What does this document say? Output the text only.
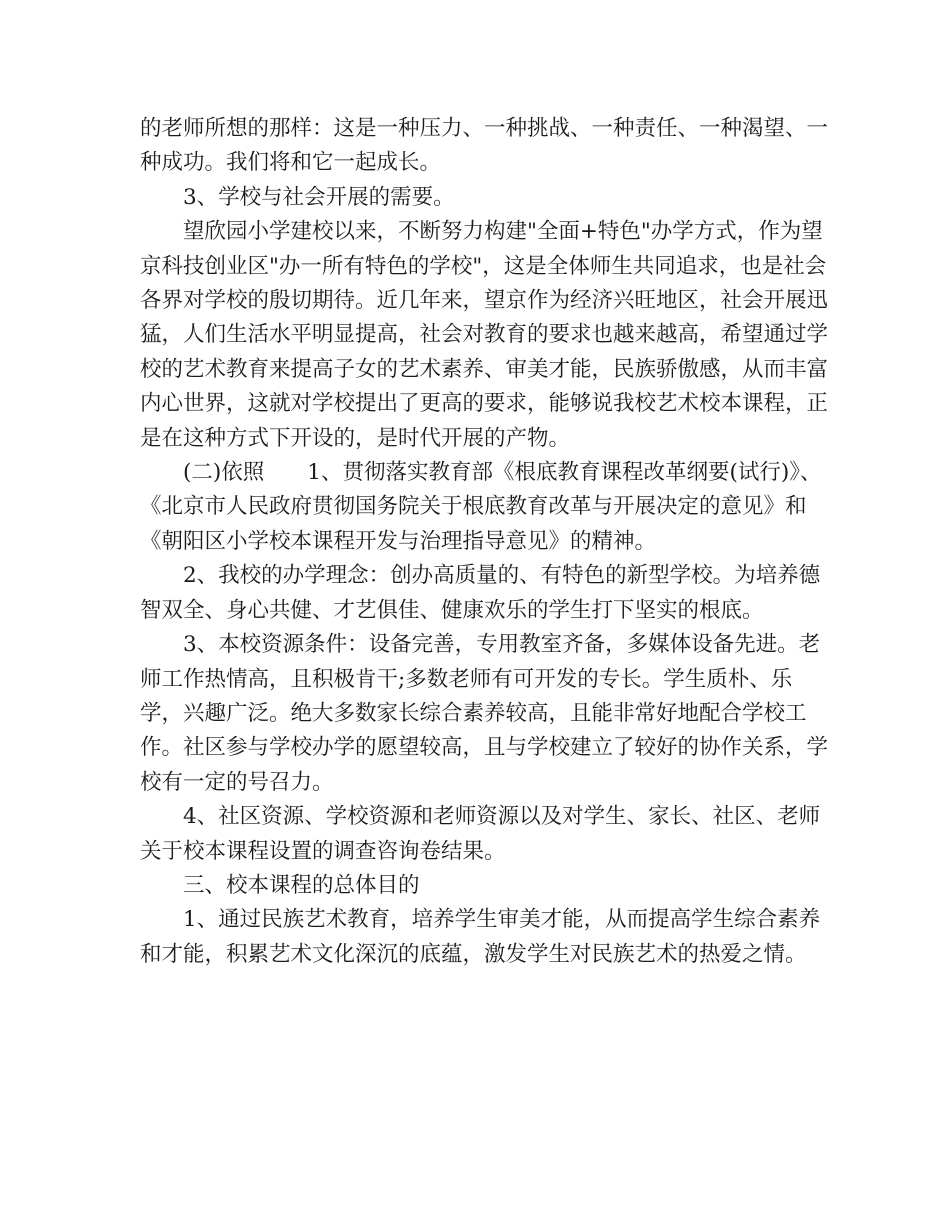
的老师所想的那样：这是一种压力、一种挑战、一种责任、一种渴望、一种成功。我们将和它一起成长。

3、学校与社会开展的需要。

望欣园小学建校以来，不断努力构建"全面+特色"办学方式，作为望京科技创业区"办一所有特色的学校"，这是全体师生共同追求，也是社会各界对学校的殷切期待。近几年来，望京作为经济兴旺地区，社会开展迅猛，人们生活水平明显提高，社会对教育的要求也越来越高，希望通过学校的艺术教育来提高子女的艺术素养、审美才能，民族骄傲感，从而丰富内心世界，这就对学校提出了更高的要求，能够说我校艺术校本课程，正是在这种方式下开设的，是时代开展的产物。

(二)依照　　1、贯彻落实教育部《根底教育课程改革纲要(试行)》、《北京市人民政府贯彻国务院关于根底教育改革与开展决定的意见》和《朝阳区小学校本课程开发与治理指导意见》的精神。

2、我校的办学理念：创办高质量的、有特色的新型学校。为培养德智双全、身心共健、才艺俱佳、健康欢乐的学生打下坚实的根底。

3、本校资源条件：设备完善，专用教室齐备，多媒体设备先进。老师工作热情高，且积极肯干;多数老师有可开发的专长。学生质朴、乐学，兴趣广泛。绝大多数家长综合素养较高，且能非常好地配合学校工作。社区参与学校办学的愿望较高，且与学校建立了较好的协作关系，学校有一定的号召力。

4、社区资源、学校资源和老师资源以及对学生、家长、社区、老师关于校本课程设置的调查咨询卷结果。

三、校本课程的总体目的

1、通过民族艺术教育，培养学生审美才能，从而提高学生综合素养和才能，积累艺术文化深沉的底蕴，激发学生对民族艺术的热爱之情。
